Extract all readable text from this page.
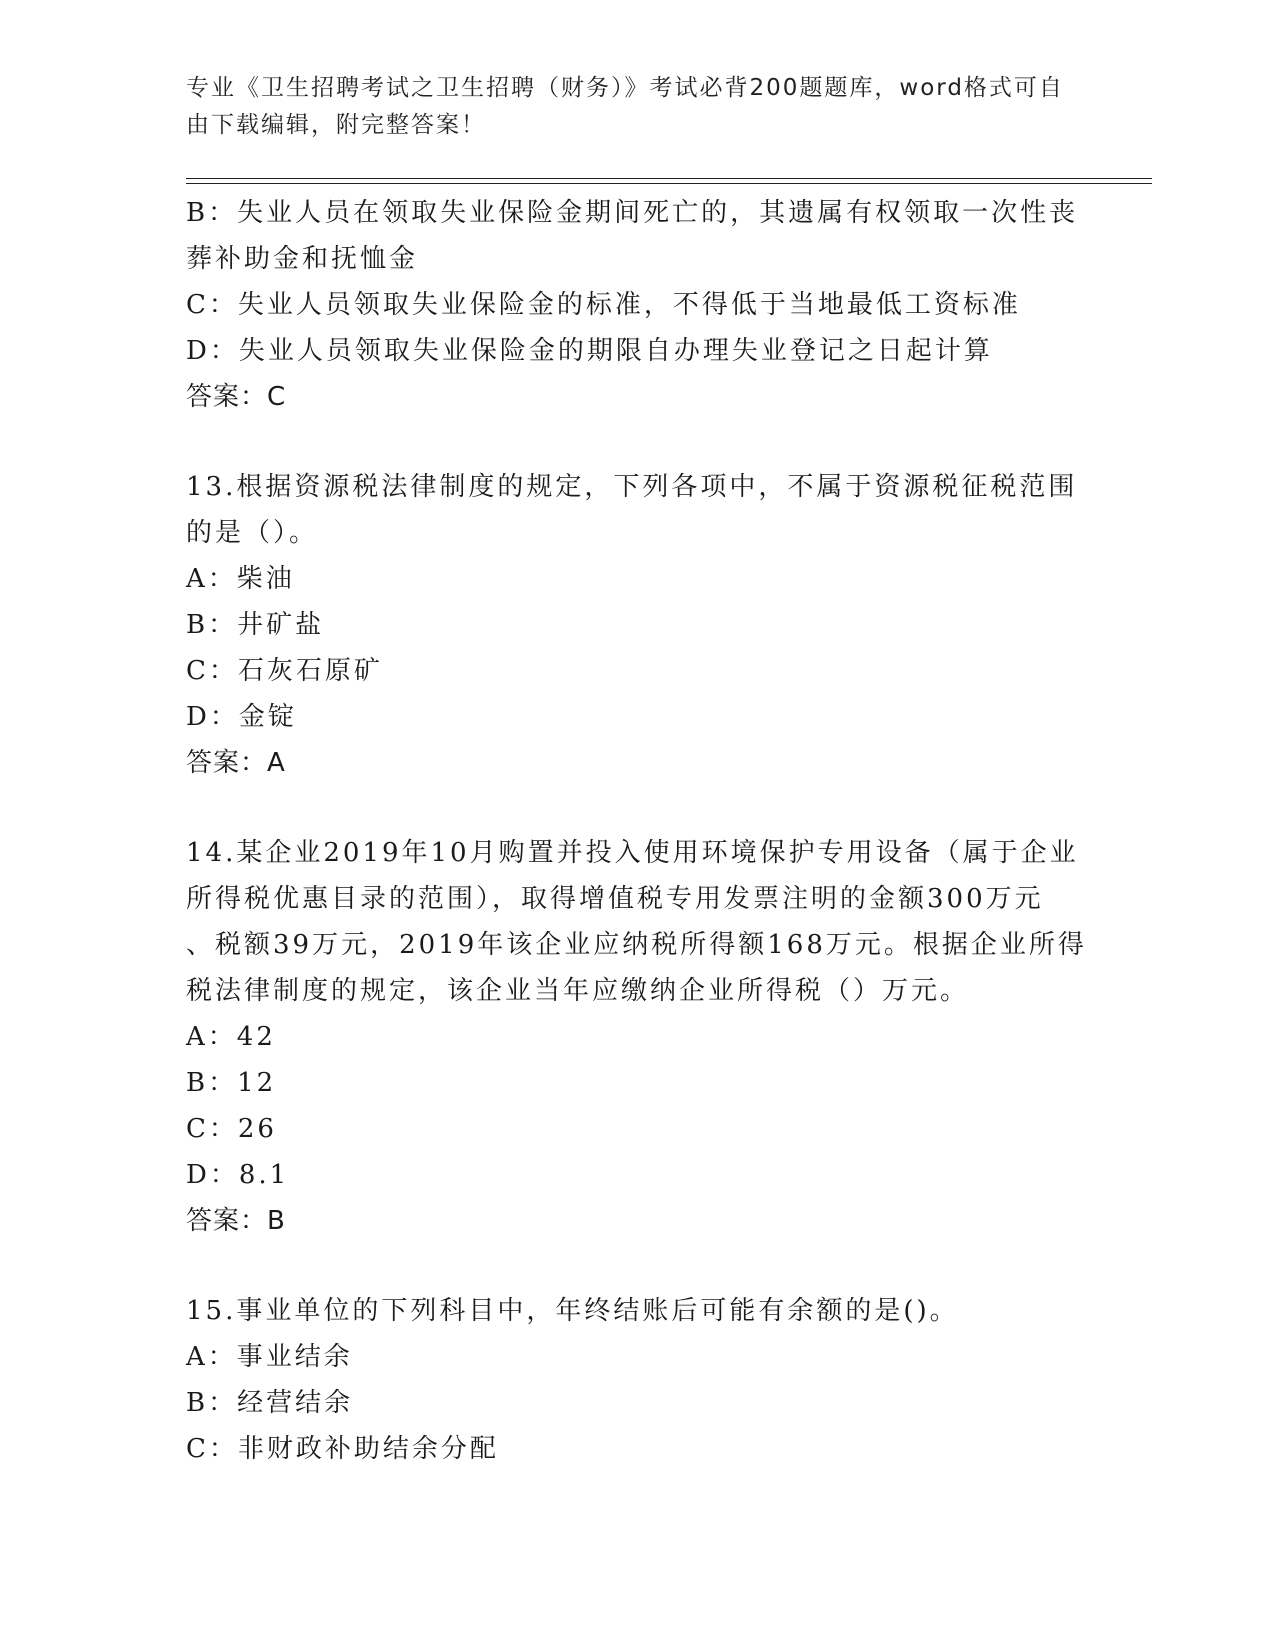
专业《卫生招聘考试之卫生招聘（财务）》考试必背200题题库，word格式可自
由下载编辑，附完整答案！
B：失业人员在领取失业保险金期间死亡的，其遗属有权领取一次性丧
葬补助金和抚恤金
C：失业人员领取失业保险金的标准，不得低于当地最低工资标准
D：失业人员领取失业保险金的期限自办理失业登记之日起计算
答案：C
13.根据资源税法律制度的规定，下列各项中，不属于资源税征税范围
的是（）。
A：柴油
B：井矿盐
C：石灰石原矿
D：金锭
答案：A
14.某企业2019年10月购置并投入使用环境保护专用设备（属于企业
所得税优惠目录的范围），取得增值税专用发票注明的金额300万元
、税额39万元，2019年该企业应纳税所得额168万元。根据企业所得
税法律制度的规定，该企业当年应缴纳企业所得税（）万元。
A：42
B：12
C：26
D：8.1
答案：B
15.事业单位的下列科目中，年终结账后可能有余额的是()。
A：事业结余
B：经营结余
C：非财政补助结余分配
